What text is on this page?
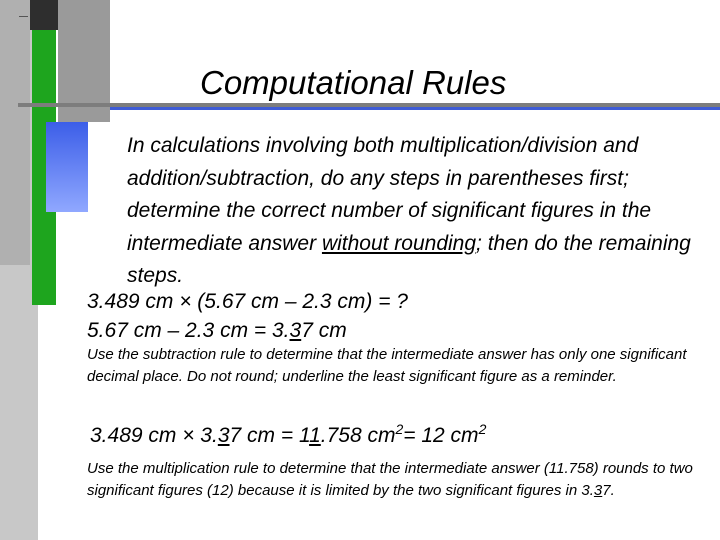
Computational Rules

In calculations involving both multiplication/division and addition/subtraction, do any steps in parentheses first; determine the correct number of significant figures in the intermediate answer without rounding; then do the remaining steps.

3.489 cm × (5.67 cm – 2.3 cm) = ?
5.67 cm – 2.3 cm = 3.37 cm

Use the subtraction rule to determine that the intermediate answer has only one significant decimal place. Do not round; underline the least significant figure as a reminder.

3.489 cm × 3.37 cm = 11.758 $cm^2= 12$ $cm^2$

Use the multiplication rule to determine that the intermediate answer (11.758) rounds to two significant figures (12) because it is limited by the two significant figures in 3.37.
